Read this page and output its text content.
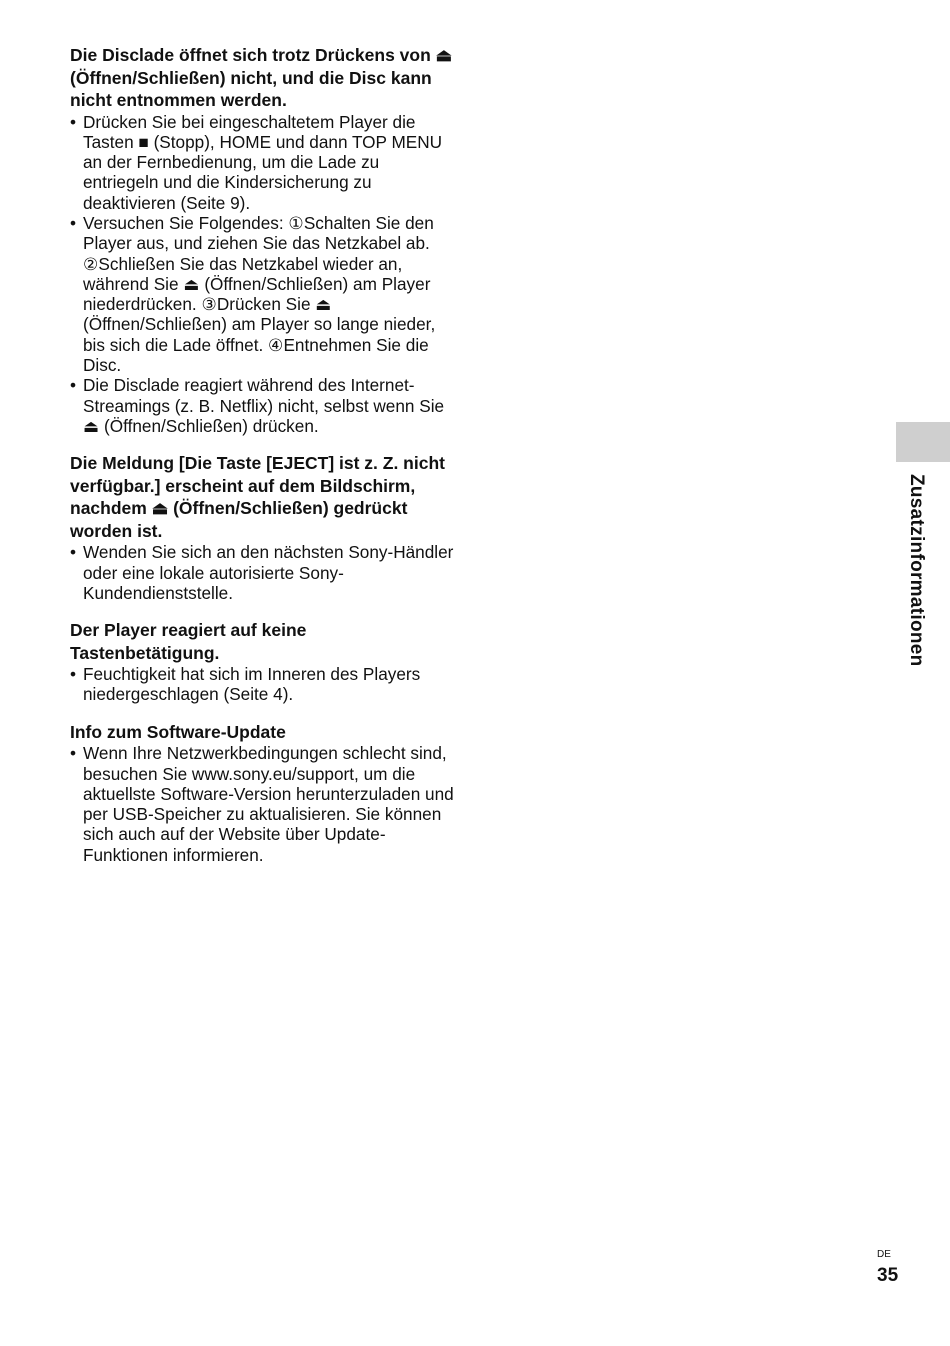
Die Disclade öffnet sich trotz Drückens von ⏏ (Öffnen/Schließen) nicht, und die Disc kann nicht entnommen werden.

• Drücken Sie bei eingeschaltetem Player die Tasten ■ (Stopp), HOME und dann TOP MENU an der Fernbedienung, um die Lade zu entriegeln und die Kindersicherung zu deaktivieren (Seite 9).
• Versuchen Sie Folgendes: ①Schalten Sie den Player aus, und ziehen Sie das Netzkabel ab. ②Schließen Sie das Netzkabel wieder an, während Sie ⏏ (Öffnen/Schließen) am Player niederdrücken. ③Drücken Sie ⏏ (Öffnen/Schließen) am Player so lange nieder, bis sich die Lade öffnet. ④Entnehmen Sie die Disc.
• Die Disclade reagiert während des Internet-Streamings (z. B. Netflix) nicht, selbst wenn Sie ⏏ (Öffnen/Schließen) drücken.

Die Meldung [Die Taste [EJECT] ist z. Z. nicht verfügbar.] erscheint auf dem Bildschirm, nachdem ⏏ (Öffnen/Schließen) gedrückt worden ist.

• Wenden Sie sich an den nächsten Sony-Händler oder eine lokale autorisierte Sony-Kundendienststelle.

Der Player reagiert auf keine Tastenbetätigung.

• Feuchtigkeit hat sich im Inneren des Players niedergeschlagen (Seite 4).

Info zum Software-Update

• Wenn Ihre Netzwerkbedingungen schlecht sind, besuchen Sie www.sony.eu/support, um die aktuellste Software-Version herunterzuladen und per USB-Speicher zu aktualisieren. Sie können sich auch auf der Website über Update-Funktionen informieren.
Zusatzinformationen
DE
35
